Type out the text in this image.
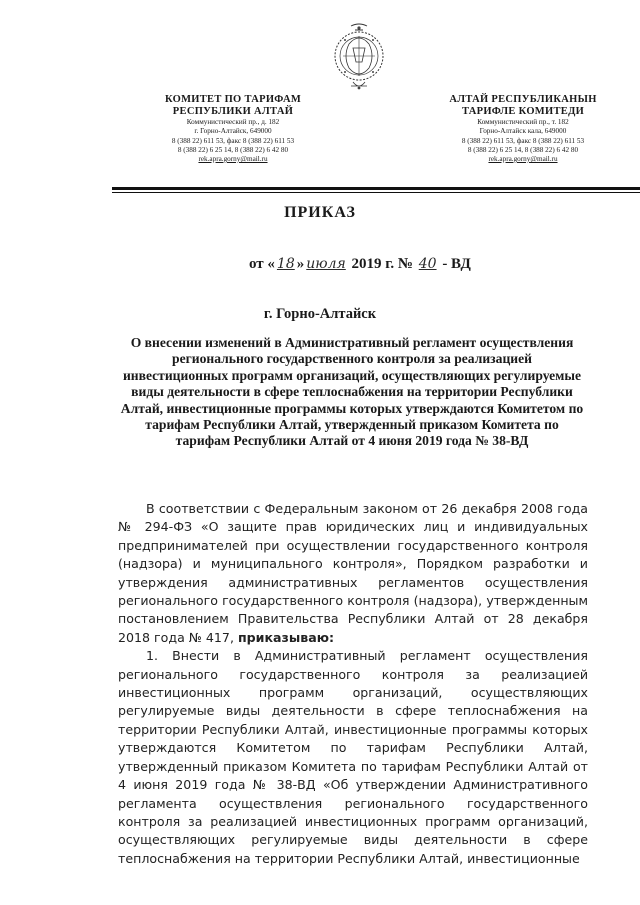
КОМИТЕТ ПО ТАРИФАМ
РЕСПУБЛИКИ АЛТАЙ
Коммунистический пр., д. 182
г. Горно-Алтайск, 649000
8 (388 22) 611 53, факс 8 (388 22) 611 53
8 (388 22) 6 25 14, 8 (388 22) 6 42 80
rek.apra.gorny@mail.ru
АЛТАЙ РЕСПУБЛИКАНЫН
ТАРИФЛЕ КОМИТЕДИ
Коммунистический пр., т. 182
Горно-Алтайск кала, 649000
8 (388 22) 611 53, факс 8 (388 22) 611 53
8 (388 22) 6 25 14, 8 (388 22) 6 42 80
rek.apra.gorny@mail.ru
ПРИКАЗ
от « 18 » июля 2019 г. № 40 - ВД
г. Горно-Алтайск
О внесении изменений в Административный регламент осуществления регионального государственного контроля за реализацией инвестиционных программ организаций, осуществляющих регулируемые виды деятельности в сфере теплоснабжения на территории Республики Алтай, инвестиционные программы которых утверждаются Комитетом по тарифам Республики Алтай, утвержденный приказом Комитета по тарифам Республики Алтай от 4 июня 2019 года № 38-ВД

В соответствии с Федеральным законом от 26 декабря 2008 года № 294-ФЗ «О защите прав юридических лиц и индивидуальных предпринимателей при осуществлении государственного контроля (надзора) и муниципального контроля», Порядком разработки и утверждения административных регламентов осуществления регионального государственного контроля (надзора), утвержденным постановлением Правительства Республики Алтай от 28 декабря 2018 года № 417, приказываю:

1. Внести в Административный регламент осуществления регионального государственного контроля за реализацией инвестиционных программ организаций, осуществляющих регулируемые виды деятельности в сфере теплоснабжения на территории Республики Алтай, инвестиционные программы которых утверждаются Комитетом по тарифам Республики Алтай, утвержденный приказом Комитета по тарифам Республики Алтай от 4 июня 2019 года № 38-ВД «Об утверждении Административного регламента осуществления регионального государственного контроля за реализацией инвестиционных программ организаций, осуществляющих регулируемые виды деятельности в сфере теплоснабжения на территории Республики Алтай, инвестиционные
